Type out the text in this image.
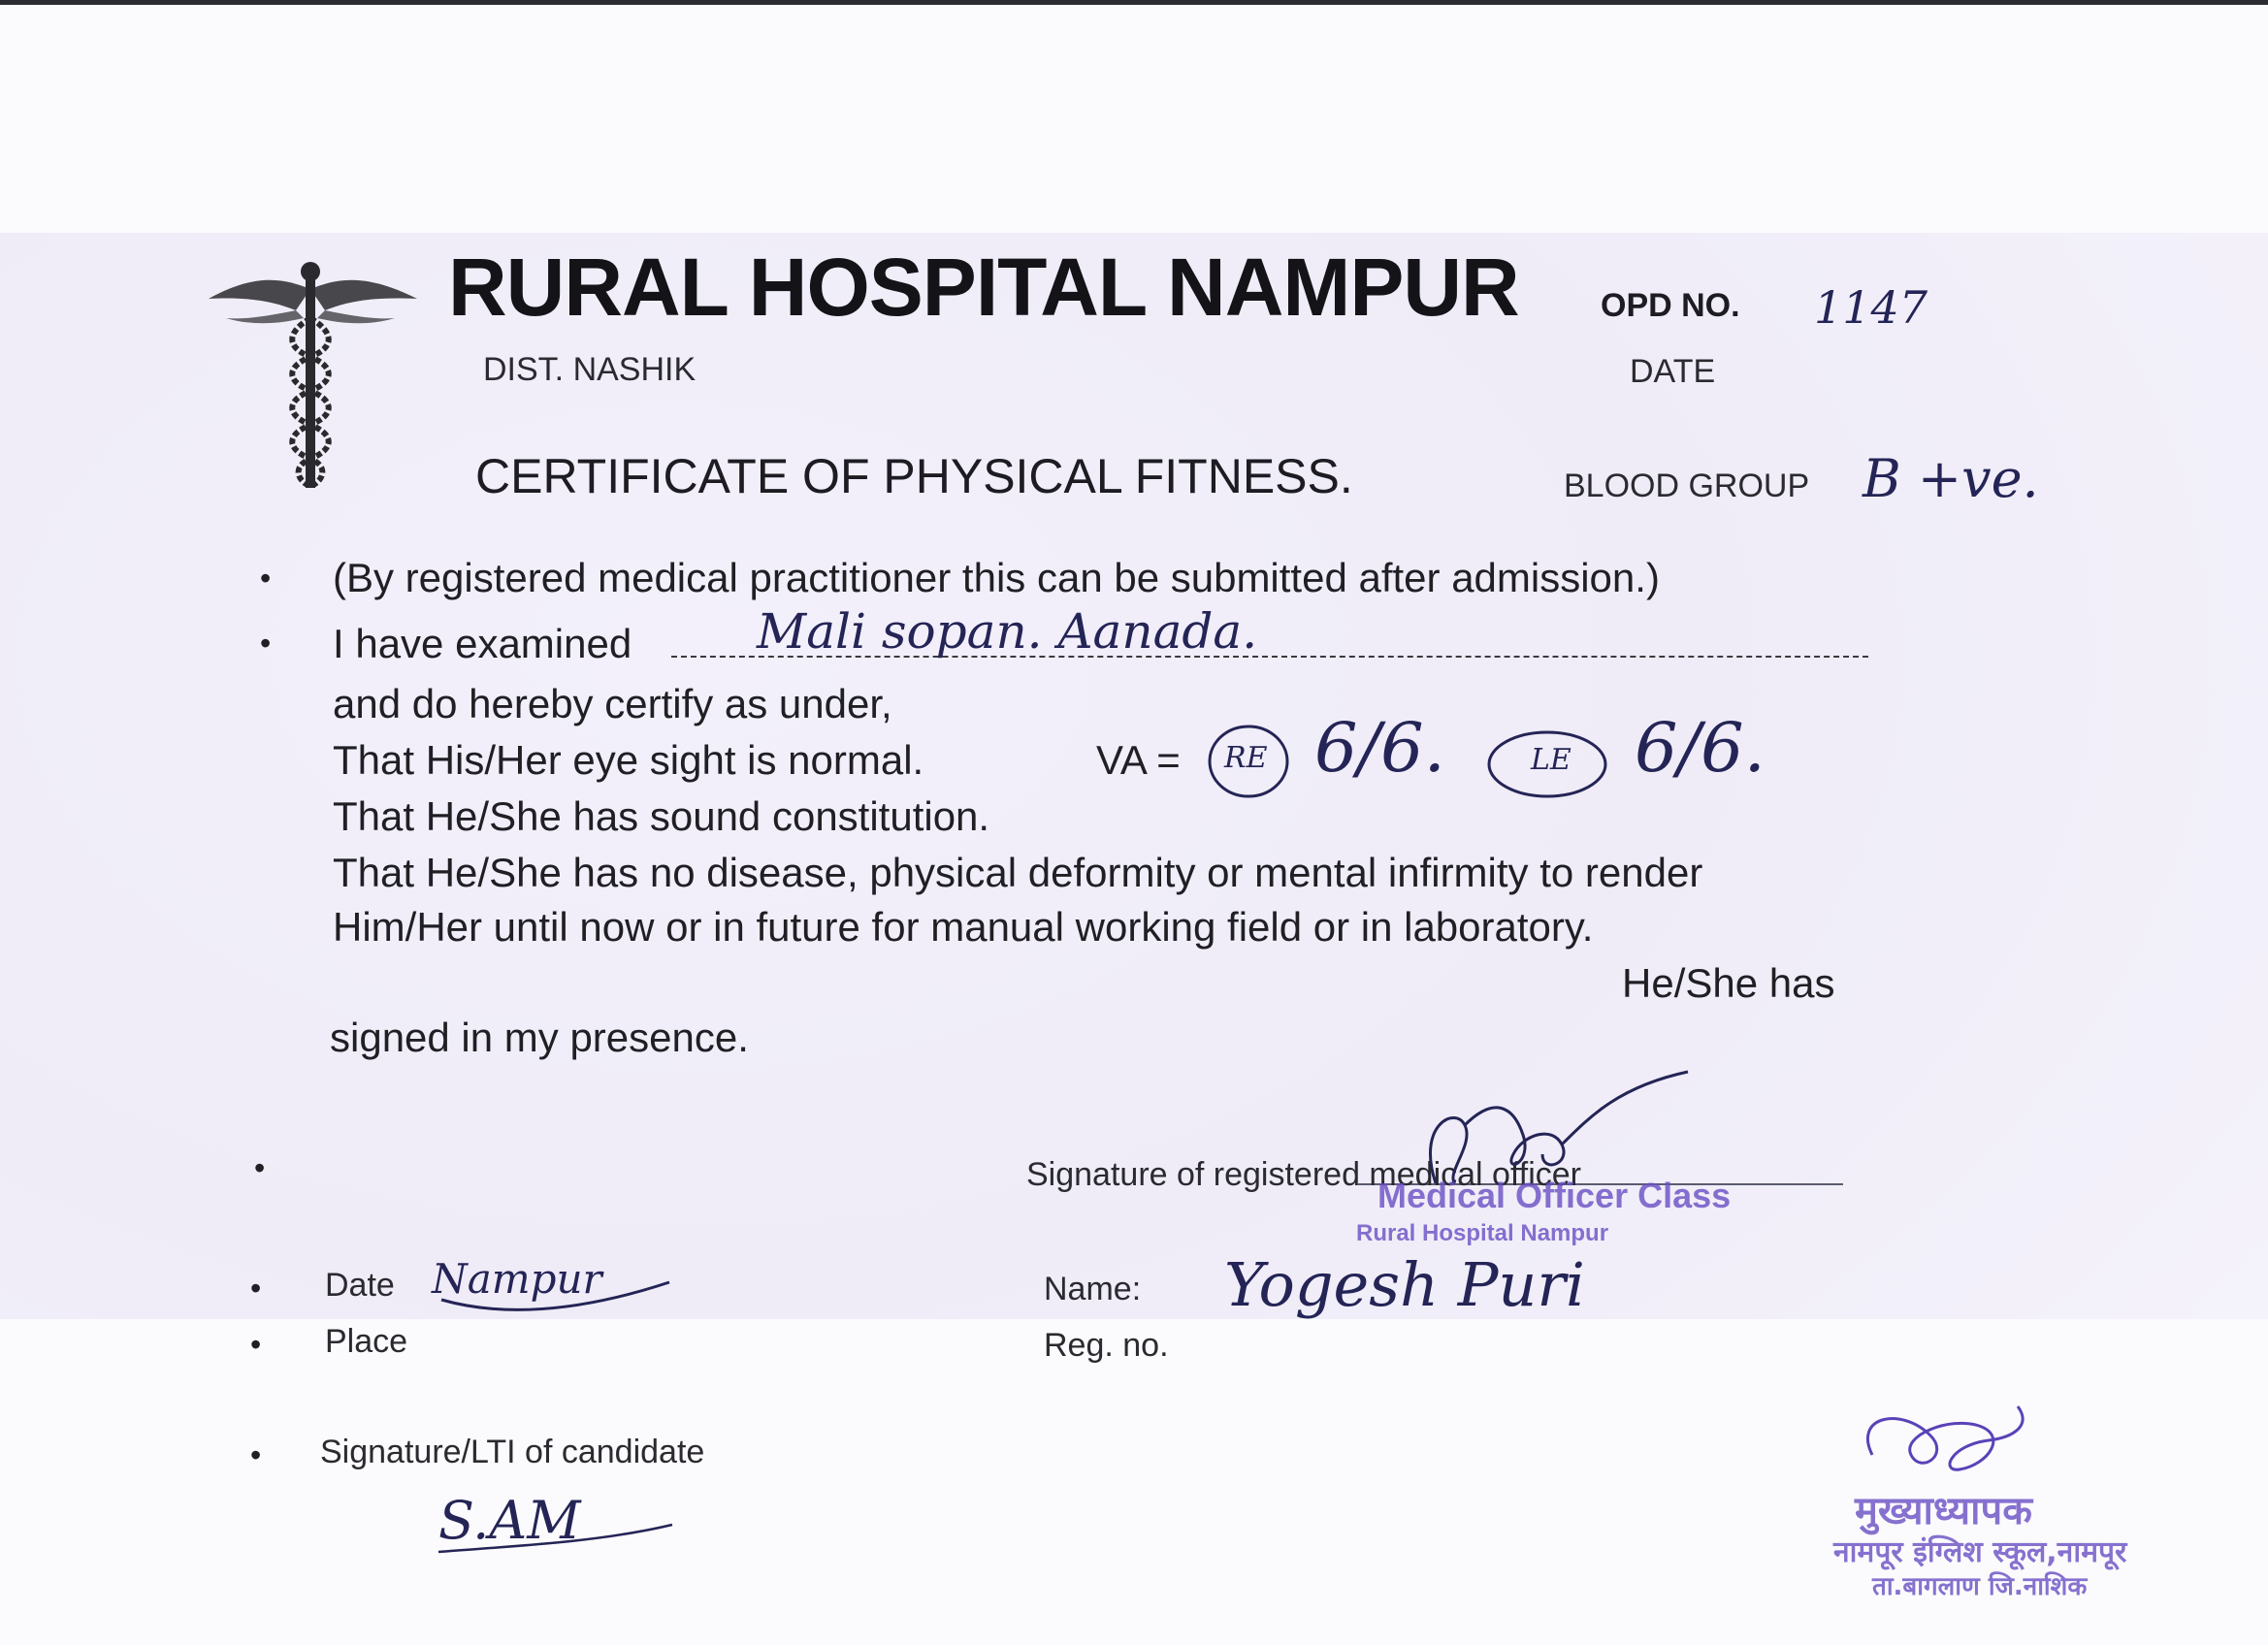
RURAL HOSPITAL NAMPUR
DIST. NASHIK
OPD NO. 1147
DATE
CERTIFICATE OF PHYSICAL FITNESS.	BLOOD GROUP B +ve.
• (By registered medical practitioner this can be submitted after admission.)
• I have examined	Mali sopan. Aanada.
and do hereby certify as under,
That His/Her eye sight is normal.	VA = RE 6/6.	LE 6/6.
That He/She has sound constitution.
That He/She has no disease, physical deformity or mental infirmity to render
Him/Her until now or in future for manual working field or in laboratory.
He/She has
signed in my presence.
•	Signature of registered medical officer
Medical Officer Class
Rural Hospital Nampur
• Date Nampur
• Place
Name: Yogesh Puri
Reg. no.
• Signature/LTI of candidate
S.AM	मुख्याध्यापक
नामपूर इंग्लिश स्कूल,नामपूर
ता.बागलाण जि.नाशिक
